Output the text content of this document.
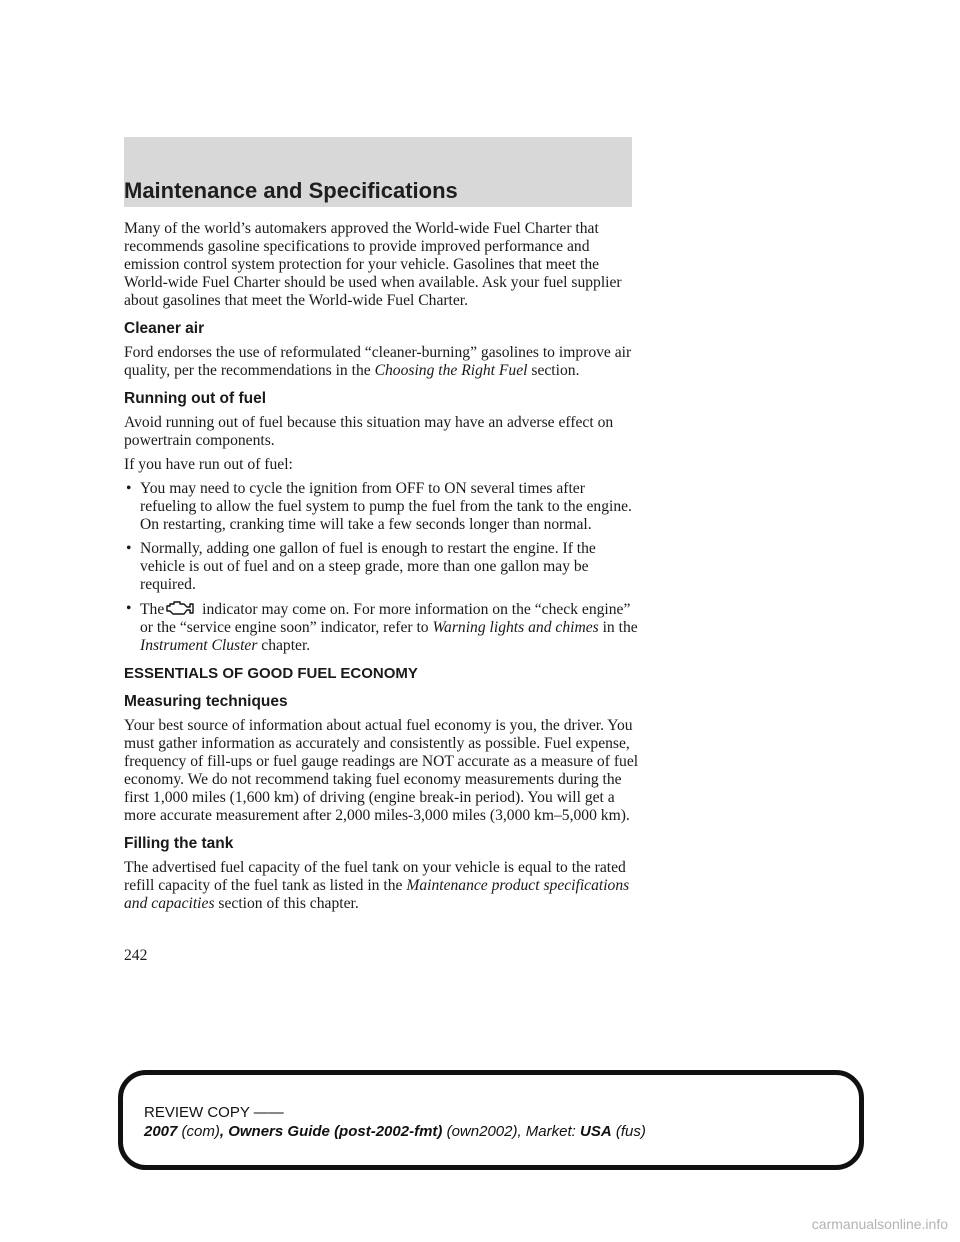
Maintenance and Specifications

Many of the world’s automakers approved the World-wide Fuel Charter that recommends gasoline specifications to provide improved performance and emission control system protection for your vehicle. Gasolines that meet the World-wide Fuel Charter should be used when available. Ask your fuel supplier about gasolines that meet the World-wide Fuel Charter.

Cleaner air

Ford endorses the use of reformulated “cleaner-burning” gasolines to improve air quality, per the recommendations in the Choosing the Right Fuel section.

Running out of fuel

Avoid running out of fuel because this situation may have an adverse effect on powertrain components.

If you have run out of fuel:

• You may need to cycle the ignition from OFF to ON several times after refueling to allow the fuel system to pump the fuel from the tank to the engine. On restarting, cranking time will take a few seconds longer than normal.
• Normally, adding one gallon of fuel is enough to restart the engine. If the vehicle is out of fuel and on a steep grade, more than one gallon may be required.
• The indicator may come on. For more information on the “check engine” or the “service engine soon” indicator, refer to Warning lights and chimes in the Instrument Cluster chapter.
ESSENTIALS OF GOOD FUEL ECONOMY
Measuring techniques

Your best source of information about actual fuel economy is you, the driver. You must gather information as accurately and consistently as possible. Fuel expense, frequency of fill-ups or fuel gauge readings are NOT accurate as a measure of fuel economy. We do not recommend taking fuel economy measurements during the first 1,000 miles (1,600 km) of driving (engine break-in period). You will get a more accurate measurement after 2,000 miles-3,000 miles (3,000 km–5,000 km).

Filling the tank

The advertised fuel capacity of the fuel tank on your vehicle is equal to the rated refill capacity of the fuel tank as listed in the Maintenance product specifications and capacities section of this chapter.

242
REVIEW COPY ——
2007 (com), Owners Guide (post-2002-fmt) (own2002), Market: USA (fus)
carmanualsonline.info
